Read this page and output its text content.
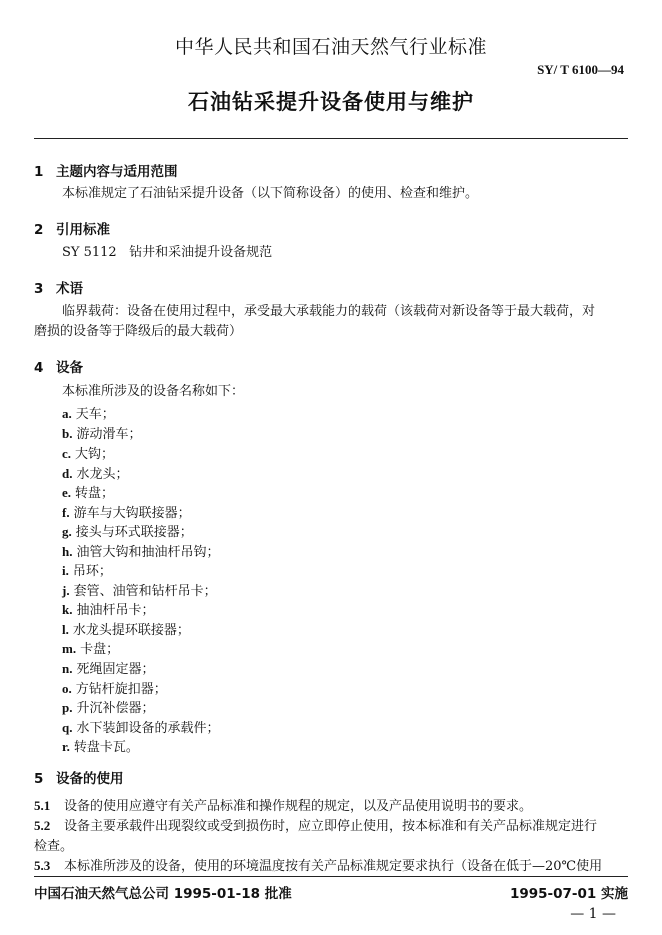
中华人民共和国石油天然气行业标准
SY/ T 6100—94
石油钻采提升设备使用与维护
1 主题内容与适用范围
本标准规定了石油钻采提升设备（以下简称设备）的使用、检查和维护。
2 引用标准
SY 5112   钻井和采油提升设备规范
3 术语
临界载荷：设备在使用过程中，承受最大承载能力的载荷（该载荷对新设备等于最大载荷，对
磨损的设备等于降级后的最大载荷）
4 设备
本标准所涉及的设备名称如下：
a. 天车；
b. 游动滑车；
c. 大钩；
d. 水龙头；
e. 转盘；
f. 游车与大钩联接器；
g. 接头与环式联接器；
h. 油管大钩和抽油杆吊钩；
i. 吊环；
j. 套管、油管和钻杆吊卡；
k. 抽油杆吊卡；
l. 水龙头提环联接器；
m. 卡盘；
n. 死绳固定器；
o. 方钻杆旋扣器；
p. 升沉补偿器；
q. 水下装卸设备的承载件；
r. 转盘卡瓦。
5 设备的使用
5.1 设备的使用应遵守有关产品标准和操作规程的规定，以及产品使用说明书的要求。
5.2 设备主要承载件出现裂纹或受到损伤时，应立即停止使用，按本标准和有关产品标准规定进行
检查。
5.3 本标准所涉及的设备，使用的环境温度按有关产品标准规定要求执行（设备在低于—20℃使用
中国石油天然气总公司 1995-01-18 批准	1995-07-01 实施
— 1 —
